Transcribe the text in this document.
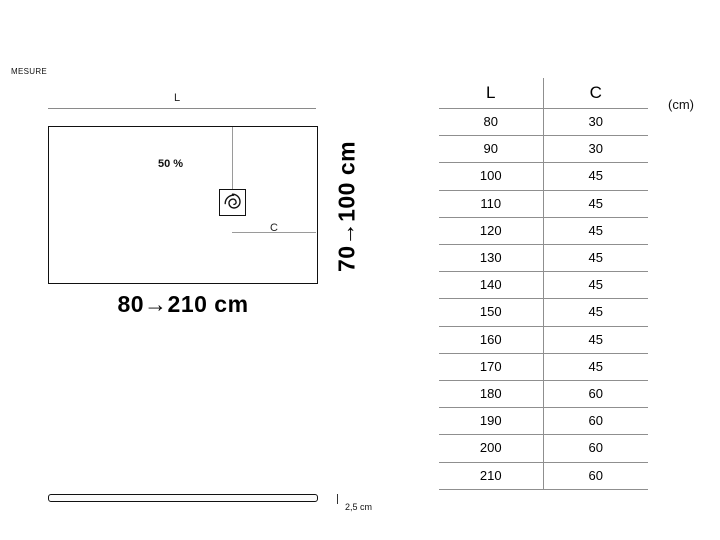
MESURE
L
50 %
C 70→100 cm
80→210 cm
2,5 cm
(cm)
L	C
80	30
90	30
100	45
110	45
120	45
130	45
140	45
150	45
160	45
170	45
180	60
190	60
200	60
210	60
